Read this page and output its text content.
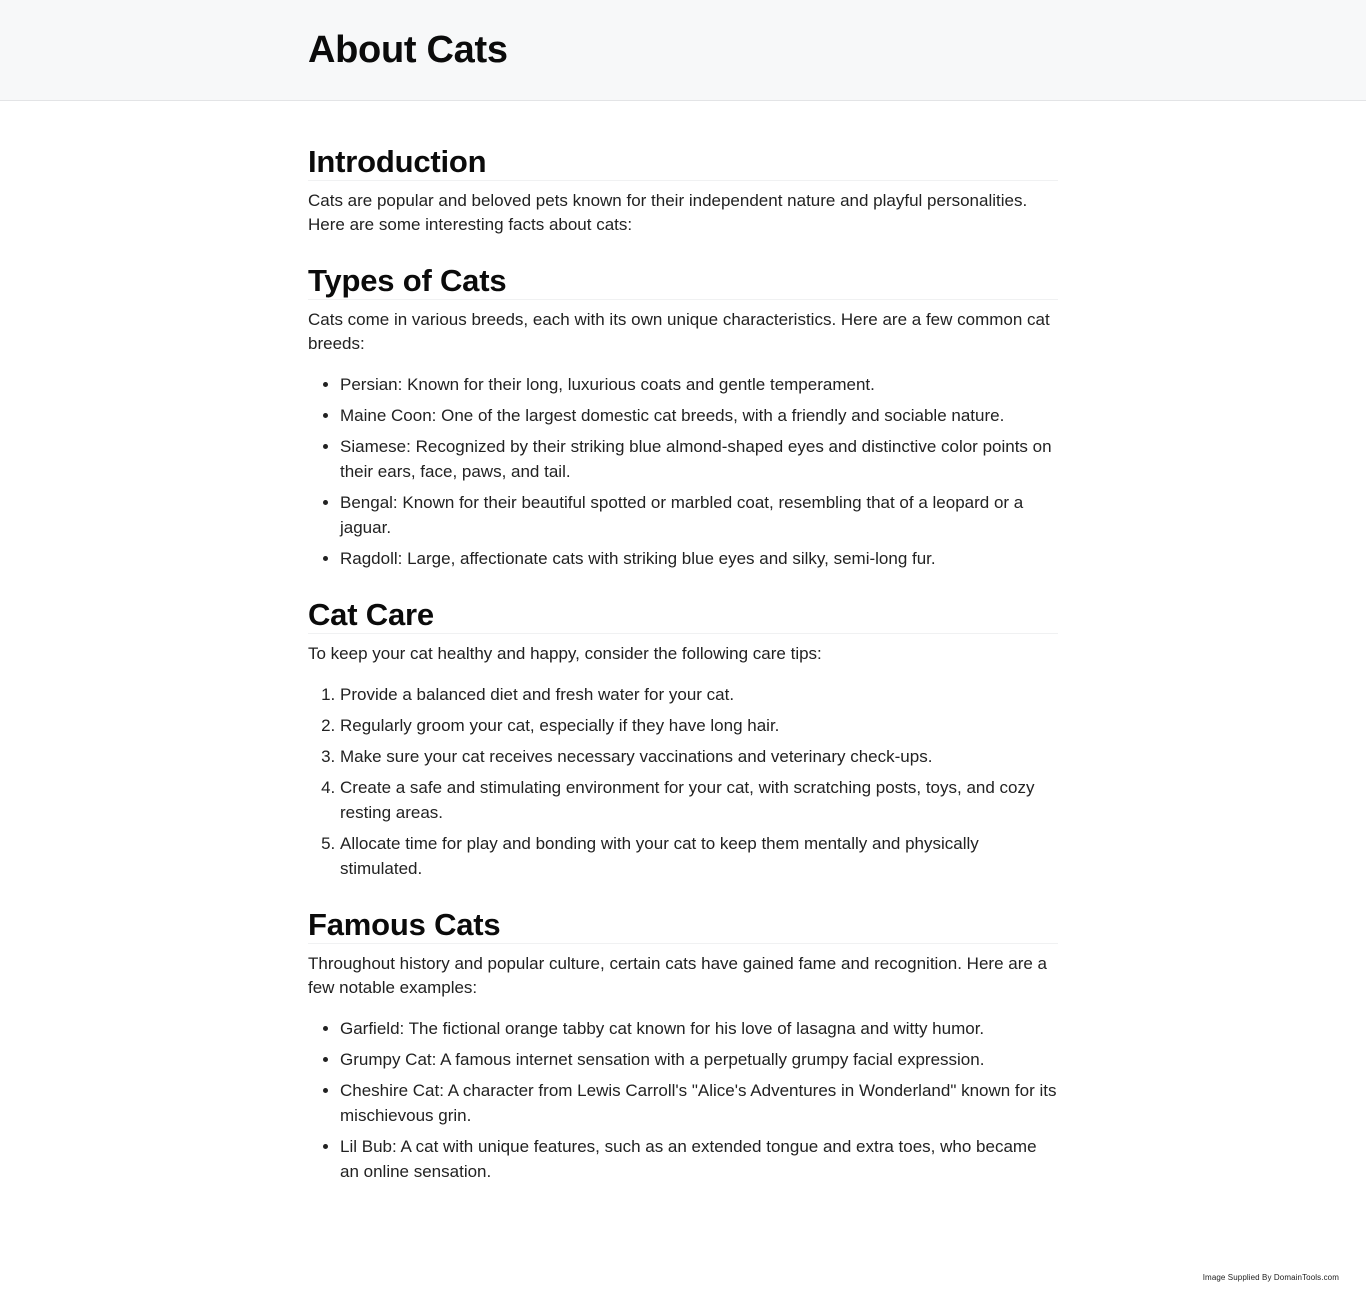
About Cats
Introduction

Cats are popular and beloved pets known for their independent nature and playful personalities. Here are some interesting facts about cats:

Types of Cats

Cats come in various breeds, each with its own unique characteristics. Here are a few common cat breeds:

• Persian: Known for their long, luxurious coats and gentle temperament.
• Maine Coon: One of the largest domestic cat breeds, with a friendly and sociable nature.
• Siamese: Recognized by their striking blue almond-shaped eyes and distinctive color points on their ears, face, paws, and tail.
• Bengal: Known for their beautiful spotted or marbled coat, resembling that of a leopard or a jaguar.
• Ragdoll: Large, affectionate cats with striking blue eyes and silky, semi-long fur.
Cat Care

To keep your cat healthy and happy, consider the following care tips:

1. Provide a balanced diet and fresh water for your cat.
2. Regularly groom your cat, especially if they have long hair.
3. Make sure your cat receives necessary vaccinations and veterinary check-ups.
4. Create a safe and stimulating environment for your cat, with scratching posts, toys, and cozy resting areas.
5. Allocate time for play and bonding with your cat to keep them mentally and physically stimulated.
Famous Cats

Throughout history and popular culture, certain cats have gained fame and recognition. Here are a few notable examples:

• Garfield: The fictional orange tabby cat known for his love of lasagna and witty humor.
• Grumpy Cat: A famous internet sensation with a perpetually grumpy facial expression.
• Cheshire Cat: A character from Lewis Carroll's "Alice's Adventures in Wonderland" known for its mischievous grin.
• Lil Bub: A cat with unique features, such as an extended tongue and extra toes, who became an online sensation.
Image Supplied By DomainTools.com
